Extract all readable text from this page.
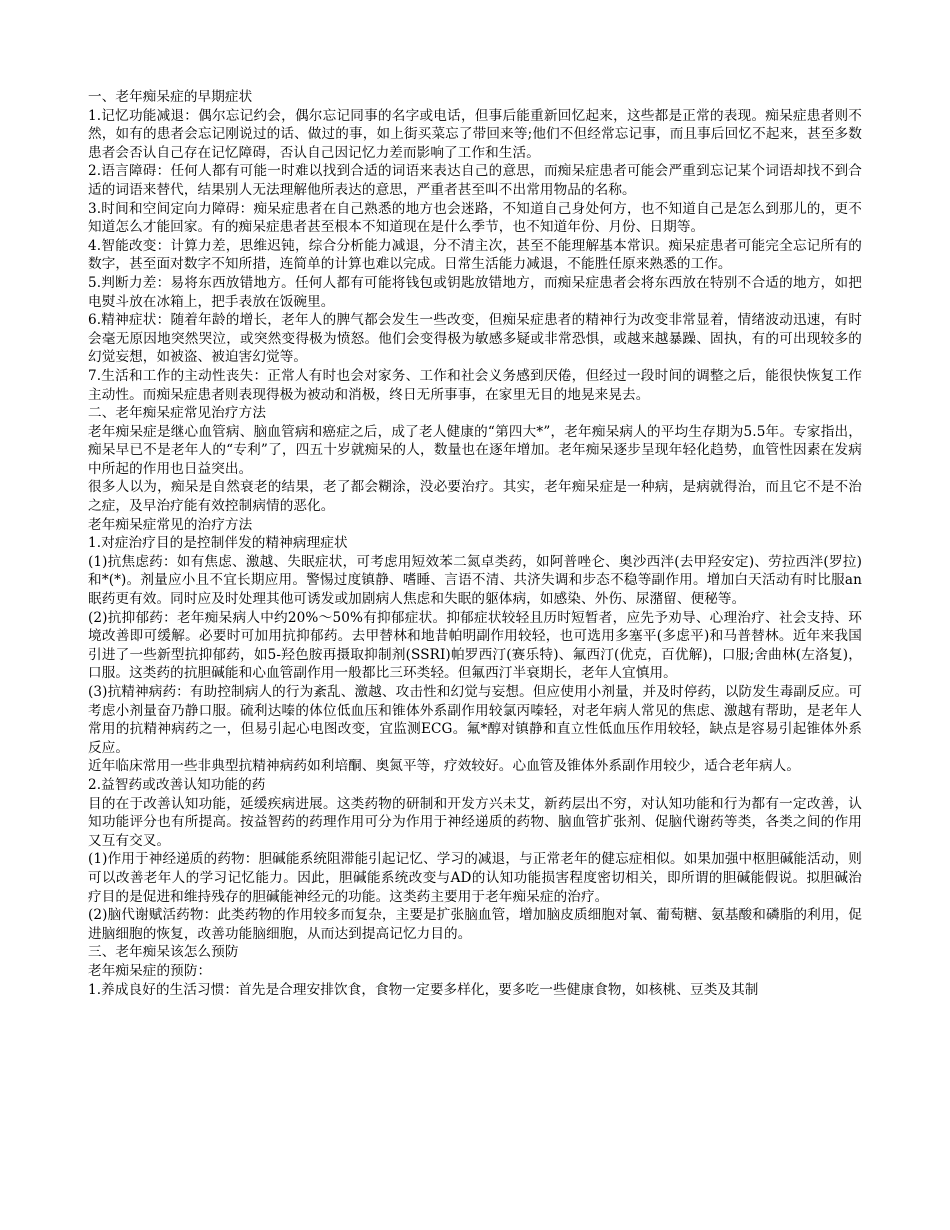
一、老年痴呆症的早期症状

1.记忆功能减退：偶尔忘记约会，偶尔忘记同事的名字或电话，但事后能重新回忆起来，这些都是正常的表现。痴呆症患者则不然，如有的患者会忘记刚说过的话、做过的事，如上街买菜忘了带回来等;他们不但经常忘记事，而且事后回忆不起来，甚至多数患者会否认自己存在记忆障碍，否认自己因记忆力差而影响了工作和生活。

2.语言障碍：任何人都有可能一时难以找到合适的词语来表达自己的意思，而痴呆症患者可能会严重到忘记某个词语却找不到合适的词语来替代，结果别人无法理解他所表达的意思，严重者甚至叫不出常用物品的名称。

3.时间和空间定向力障碍：痴呆症患者在自己熟悉的地方也会迷路，不知道自己身处何方，也不知道自己是怎么到那儿的，更不知道怎么才能回家。有的痴呆症患者甚至根本不知道现在是什么季节，也不知道年份、月份、日期等。

4.智能改变：计算力差，思维迟钝，综合分析能力减退，分不清主次，甚至不能理解基本常识。痴呆症患者可能完全忘记所有的数字，甚至面对数字不知所措，连简单的计算也难以完成。日常生活能力减退，不能胜任原来熟悉的工作。

5.判断力差：易将东西放错地方。任何人都有可能将钱包或钥匙放错地方，而痴呆症患者会将东西放在特别不合适的地方，如把电熨斗放在冰箱上，把手表放在饭碗里。

6.精神症状：随着年龄的增长，老年人的脾气都会发生一些改变，但痴呆症患者的精神行为改变非常显着，情绪波动迅速，有时会毫无原因地突然哭泣，或突然变得极为愤怒。他们会变得极为敏感多疑或非常恐惧，或越来越暴躁、固执，有的可出现较多的幻觉妄想，如被盗、被迫害幻觉等。

7.生活和工作的主动性丧失：正常人有时也会对家务、工作和社会义务感到厌倦，但经过一段时间的调整之后，能很快恢复工作主动性。而痴呆症患者则表现得极为被动和消极，终日无所事事，在家里无目的地晃来晃去。

二、老年痴呆症常见治疗方法

老年痴呆症是继心血管病、脑血管病和癌症之后，成了老人健康的“第四大*”，老年痴呆病人的平均生存期为5.5年。专家指出，痴呆早已不是老年人的“专利”了，四五十岁就痴呆的人，数量也在逐年增加。老年痴呆逐步呈现年轻化趋势，血管性因素在发病中所起的作用也日益突出。

很多人以为，痴呆是自然衰老的结果，老了都会糊涂，没必要治疗。其实，老年痴呆症是一种病，是病就得治，而且它不是不治之症，及早治疗能有效控制病情的恶化。

老年痴呆症常见的治疗方法

1.对症治疗目的是控制伴发的精神病理症状

(1)抗焦虑药：如有焦虑、激越、失眠症状，可考虑用短效苯二氮卓类药，如阿普唑仑、奥沙西泮(去甲羟安定)、劳拉西泮(罗拉)和*(*)。剂量应小且不宜长期应用。警惕过度镇静、嗜睡、言语不清、共济失调和步态不稳等副作用。增加白天活动有时比服an眠药更有效。同时应及时处理其他可诱发或加剧病人焦虑和失眠的躯体病，如感染、外伤、尿潴留、便秘等。

(2)抗抑郁药：老年痴呆病人中约20%～50%有抑郁症状。抑郁症状较轻且历时短暂者，应先予劝导、心理治疗、社会支持、环境改善即可缓解。必要时可加用抗抑郁药。去甲替林和地昔帕明副作用较轻，也可选用多塞平(多虑平)和马普替林。近年来我国引进了一些新型抗抑郁药，如5-羟色胺再摄取抑制剂(SSRI)帕罗西汀(赛乐特)、氟西汀(优克，百优解)，口服;舍曲林(左洛复)，口服。这类药的抗胆碱能和心血管副作用一般都比三环类轻。但氟西汀半衰期长，老年人宜慎用。

(3)抗精神病药：有助控制病人的行为紊乱、激越、攻击性和幻觉与妄想。但应使用小剂量，并及时停药，以防发生毒副反应。可考虑小剂量奋乃静口服。硫利达嗪的体位低血压和锥体外系副作用较氯丙嗪轻，对老年病人常见的焦虑、激越有帮助，是老年人常用的抗精神病药之一，但易引起心电图改变，宜监测ECG。氟*醇对镇静和直立性低血压作用较轻，缺点是容易引起锥体外系反应。

近年临床常用一些非典型抗精神病药如利培酮、奥氮平等，疗效较好。心血管及锥体外系副作用较少，适合老年病人。

2.益智药或改善认知功能的药

目的在于改善认知功能，延缓疾病进展。这类药物的研制和开发方兴未艾，新药层出不穷，对认知功能和行为都有一定改善，认知功能评分也有所提高。按益智药的药理作用可分为作用于神经递质的药物、脑血管扩张剂、促脑代谢药等类，各类之间的作用又互有交叉。

(1)作用于神经递质的药物：胆碱能系统阻滞能引起记忆、学习的减退，与正常老年的健忘症相似。如果加强中枢胆碱能活动，则可以改善老年人的学习记忆能力。因此，胆碱能系统改变与AD的认知功能损害程度密切相关，即所谓的胆碱能假说。拟胆碱治疗目的是促进和维持残存的胆碱能神经元的功能。这类药主要用于老年痴呆症的治疗。

(2)脑代谢赋活药物：此类药物的作用较多而复杂，主要是扩张脑血管，增加脑皮质细胞对氧、葡萄糖、氨基酸和磷脂的利用，促进脑细胞的恢复，改善功能脑细胞，从而达到提高记忆力目的。

三、老年痴呆该怎么预防

老年痴呆症的预防：

1.养成良好的生活习惯：首先是合理安排饮食，食物一定要多样化，要多吃一些健康食物，如核桃、豆类及其制
